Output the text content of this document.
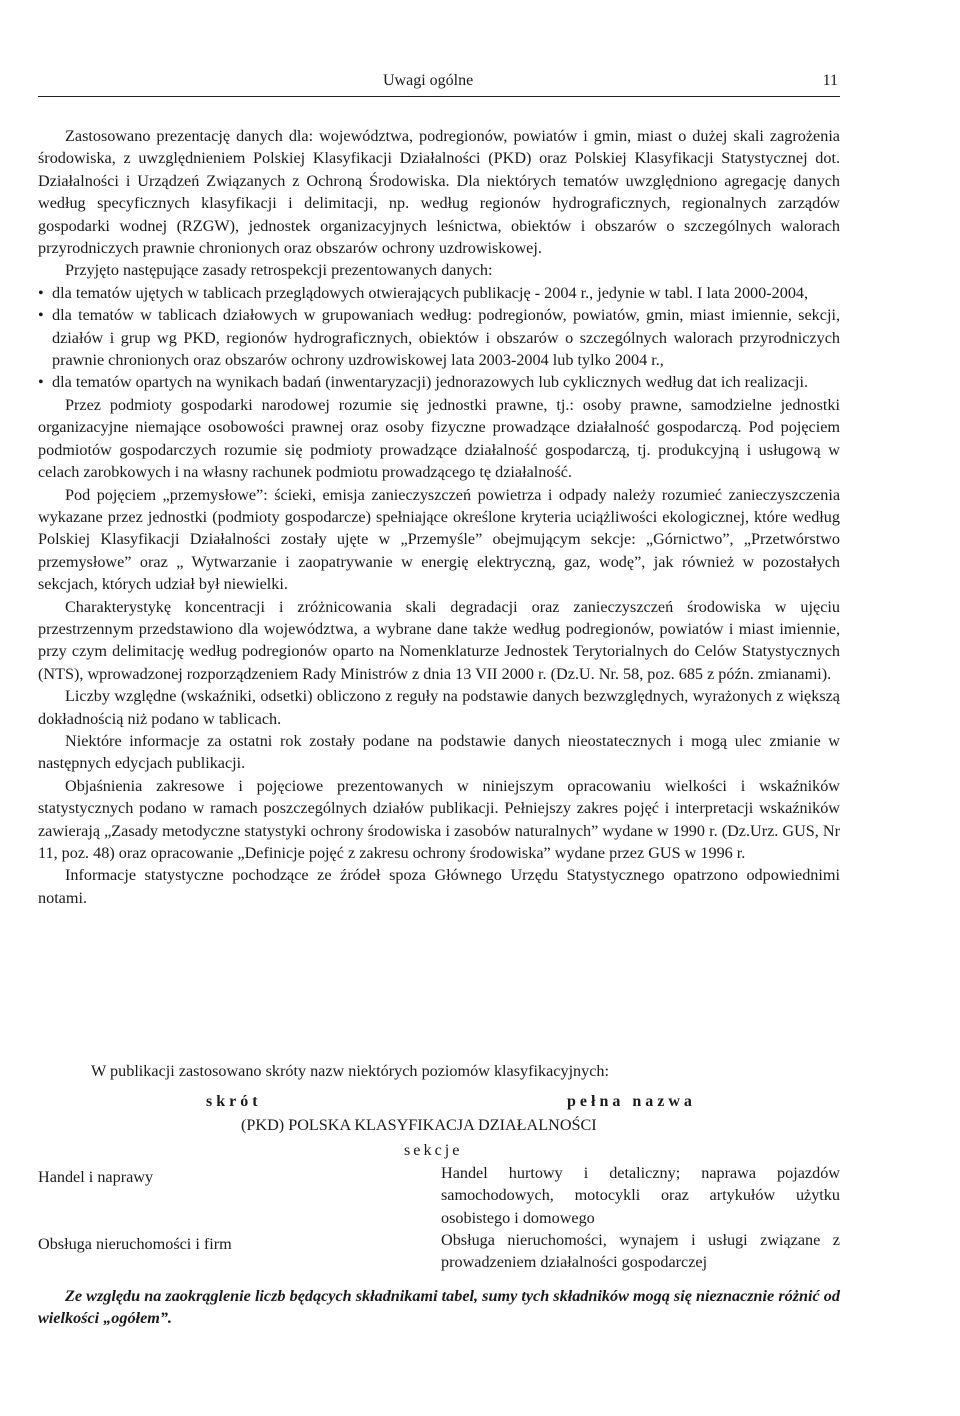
Uwagi ogólne	11

Zastosowano prezentację danych dla: województwa, podregionów, powiatów i gmin, miast o dużej skali zagrożenia środowiska, z uwzględnieniem Polskiej Klasyfikacji Działalności (PKD) oraz Polskiej Klasyfikacji Statystycznej dot. Działalności i Urządzeń Związanych z Ochroną Środowiska. Dla niektórych tematów uwzględniono agregację danych według specyficznych klasyfikacji i delimitacji, np. według regionów hydrograficznych, regionalnych zarządów gospodarki wodnej (RZGW), jednostek organizacyjnych leśnictwa, obiektów i obszarów o szczególnych walorach przyrodniczych prawnie chronionych oraz obszarów ochrony uzdrowiskowej.

Przyjęto następujące zasady retrospekcji prezentowanych danych:

• dla tematów ujętych w tablicach przeglądowych otwierających publikację - 2004 r., jedynie w tabl. I lata 2000-2004,
• dla tematów w tablicach działowych w grupowaniach według: podregionów, powiatów, gmin, miast imiennie, sekcji, działów i grup wg PKD, regionów hydrograficznych, obiektów i obszarów o szczególnych walorach przyrodniczych prawnie chronionych oraz obszarów ochrony uzdrowiskowej lata 2003-2004 lub tylko 2004 r.,
• dla tematów opartych na wynikach badań (inwentaryzacji) jednorazowych lub cyklicznych według dat ich realizacji.

Przez podmioty gospodarki narodowej rozumie się jednostki prawne, tj.: osoby prawne, samodzielne jednostki organizacyjne niemające osobowości prawnej oraz osoby fizyczne prowadzące działalność gospodarczą. Pod pojęciem podmiotów gospodarczych rozumie się podmioty prowadzące działalność gospodarczą, tj. produkcyjną i usługową w celach zarobkowych i na własny rachunek podmiotu prowadzącego tę działalność.

Pod pojęciem „przemysłowe”: ścieki, emisja zanieczyszczeń powietrza i odpady należy rozumieć zanieczyszczenia wykazane przez jednostki (podmioty gospodarcze) spełniające określone kryteria uciążliwości ekologicznej, które według Polskiej Klasyfikacji Działalności zostały ujęte w „Przemyśle” obejmującym sekcje: „Górnictwo”, „Przetwórstwo przemysłowe” oraz „ Wytwarzanie i zaopatrywanie w energię elektryczną, gaz, wodę”, jak również w pozostałych sekcjach, których udział był niewielki.

Charakterystykę koncentracji i zróżnicowania skali degradacji oraz zanieczyszczeń środowiska w ujęciu przestrzennym przedstawiono dla województwa, a wybrane dane także według podregionów, powiatów i miast imiennie, przy czym delimitację według podregionów oparto na Nomenklaturze Jednostek Terytorialnych do Celów Statystycznych (NTS), wprowadzonej rozporządzeniem Rady Ministrów z dnia 13 VII 2000 r. (Dz.U. Nr. 58, poz. 685 z późn. zmianami).

Liczby względne (wskaźniki, odsetki) obliczono z reguły na podstawie danych bezwzględnych, wyrażonych z większą dokładnością niż podano w tablicach.

Niektóre informacje za ostatni rok zostały podane na podstawie danych nieostatecznych i mogą ulec zmianie w następnych edycjach publikacji.

Objaśnienia zakresowe i pojęciowe prezentowanych w niniejszym opracowaniu wielkości i wskaźników statystycznych podano w ramach poszczególnych działów publikacji. Pełniejszy zakres pojęć i interpretacji wskaźników zawierają „Zasady metodyczne statystyki ochrony środowiska i zasobów naturalnych” wydane w 1990 r. (Dz.Urz. GUS, Nr 11, poz. 48) oraz opracowanie „Definicje pojęć z zakresu ochrony środowiska” wydane przez GUS w 1996 r.

Informacje statystyczne pochodzące ze źródeł spoza Głównego Urzędu Statystycznego opatrzono odpowiednimi notami.

W publikacji zastosowano skróty nazw niektórych poziomów klasyfikacyjnych:
skrót	pełna nazwa
(PKD) POLSKA KLASYFIKACJA DZIAŁALNOŚCI
sekcje
Handel i naprawy	Handel hurtowy i detaliczny; naprawa pojazdów samochodowych, motocykli oraz artykułów użytku osobistego i domowego
Obsługa nieruchomości i firm	Obsługa nieruchomości, wynajem i usługi związane z prowadzeniem działalności gospodarczej
Ze względu na zaokrąglenie liczb będących składnikami tabel, sumy tych składników mogą się nieznacznie różnić od wielkości „ogółem”.
